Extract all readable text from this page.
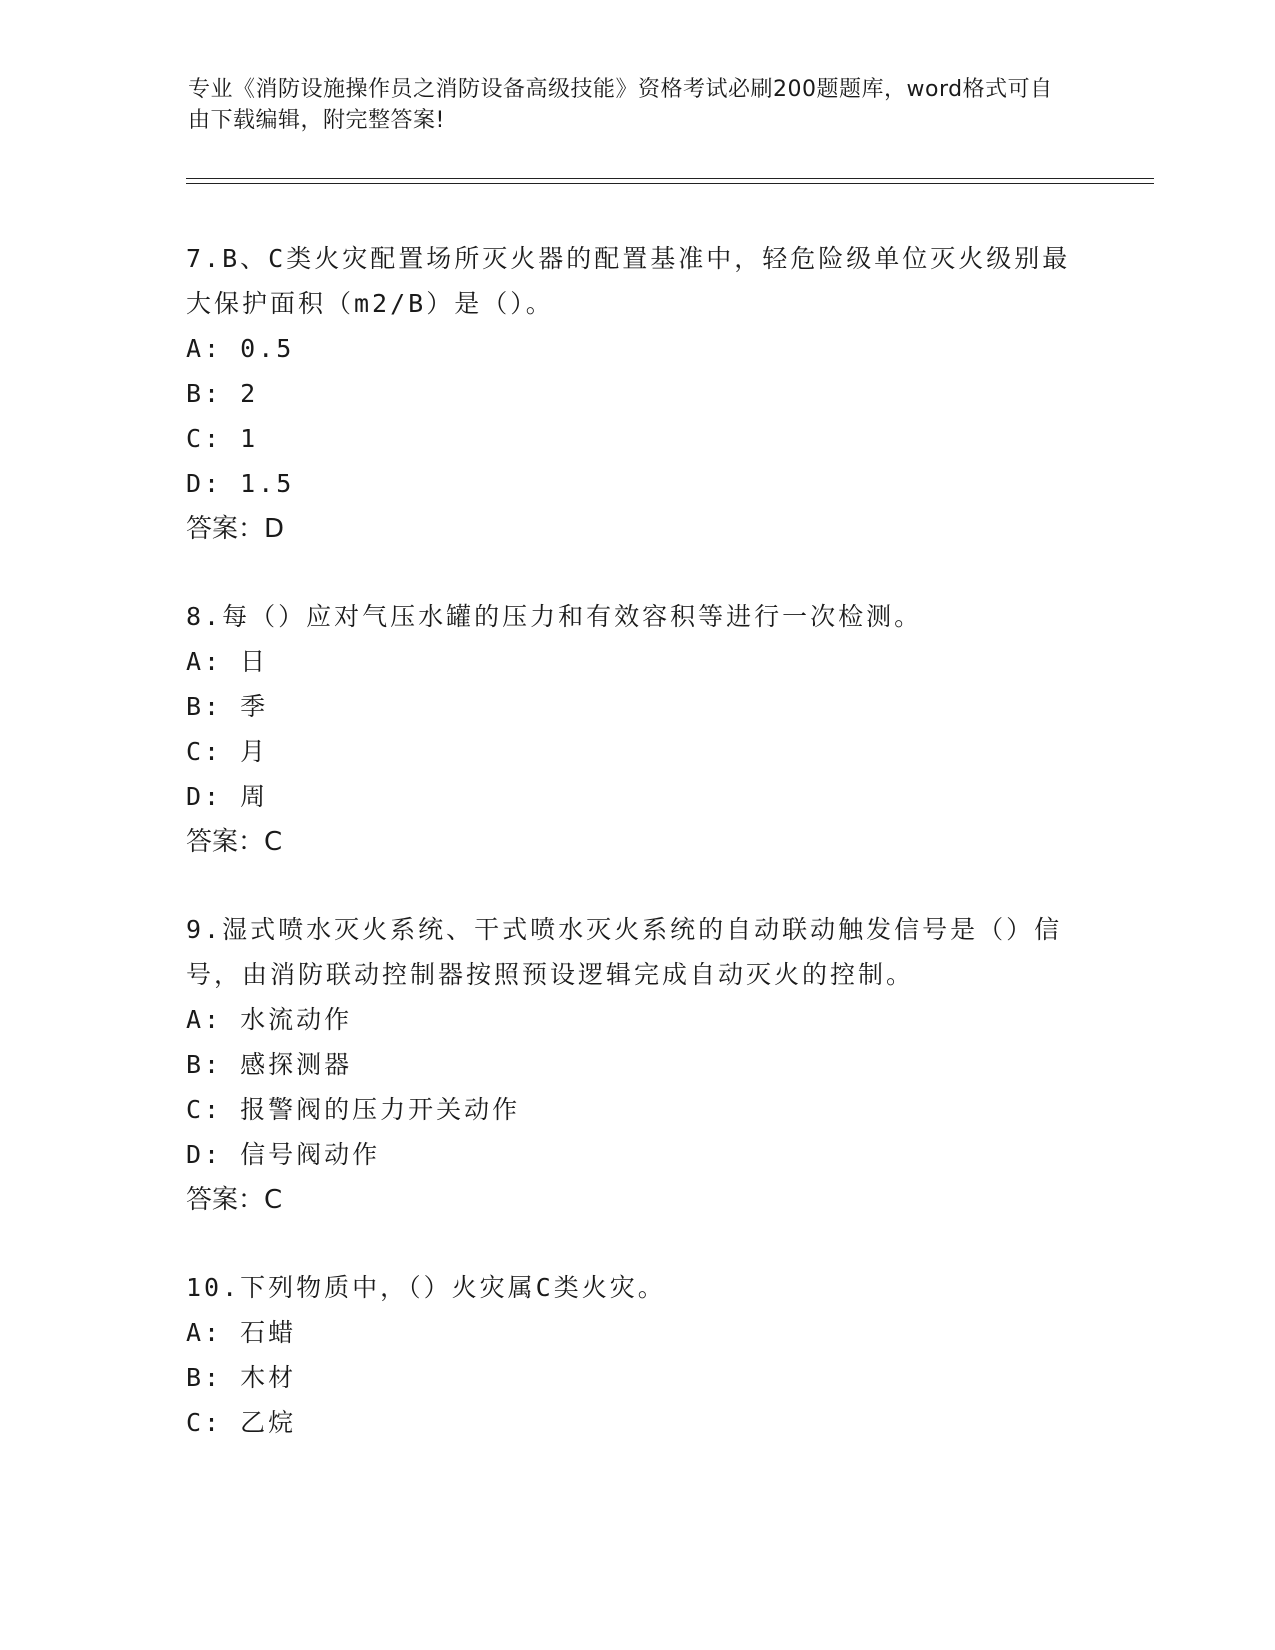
专业《消防设施操作员之消防设备高级技能》资格考试必刷200题题库，word格式可自由下载编辑，附完整答案!

7.B、C类火灾配置场所灭火器的配置基准中，轻危险级单位灭火级别最大保护面积（m2/B）是（）。

A: 0.5

B: 2

C: 1

D: 1.5

答案：D

8.每（）应对气压水罐的压力和有效容积等进行一次检测。

A: 日

B: 季

C: 月

D: 周

答案：C

9.湿式喷水灭火系统、干式喷水灭火系统的自动联动触发信号是（）信号，由消防联动控制器按照预设逻辑完成自动灭火的控制。

A: 水流动作

B: 感探测器

C: 报警阀的压力开关动作

D: 信号阀动作

答案：C

10.下列物质中，（）火灾属C类火灾。

A: 石蜡

B: 木材

C: 乙烷
